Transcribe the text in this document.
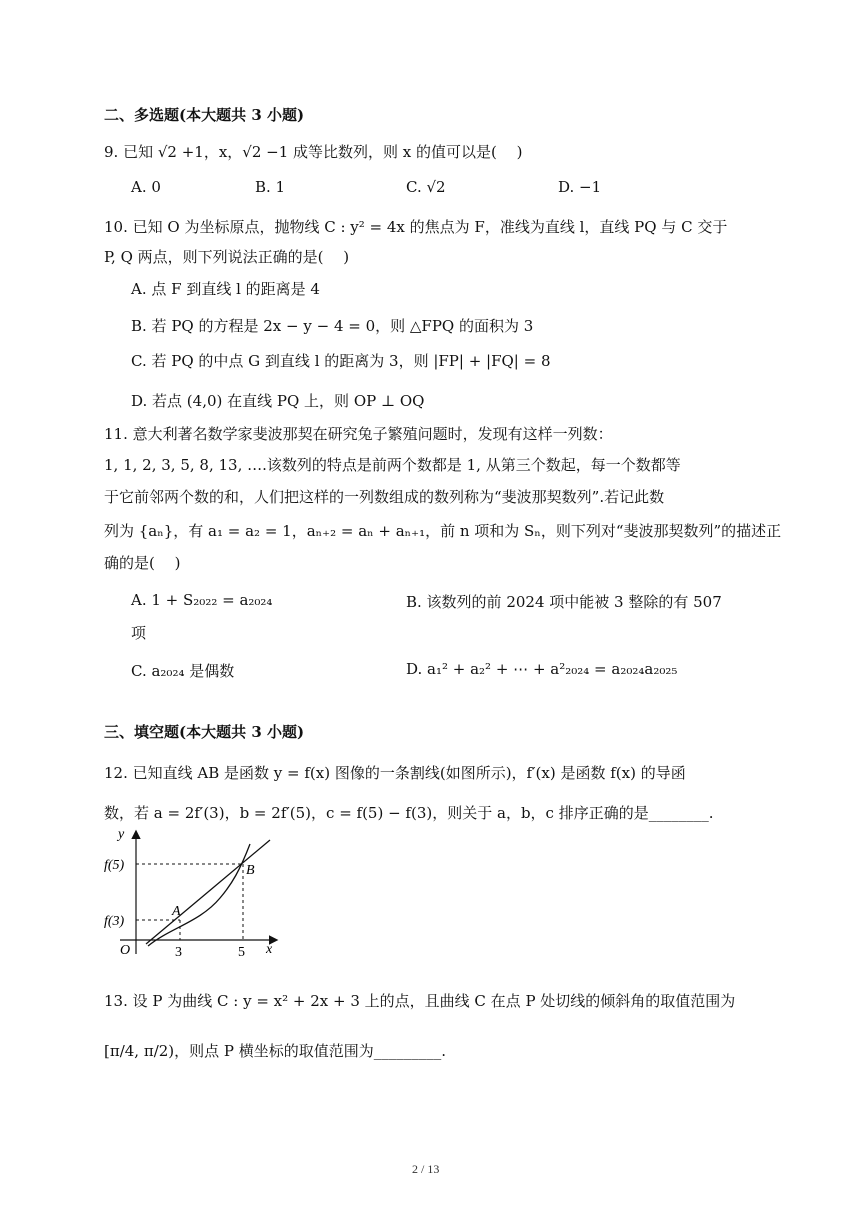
二、多选题(本大题共 3 小题)
9. 已知 √2 +1，x，√2 −1 成等比数列，则 x 的值可以是(　 )
A. 0	B. 1	C. √2	D. −1
10. 已知 O 为坐标原点，抛物线 C : y² = 4x 的焦点为 F，准线为直线 l，直线 PQ 与 C 交于
P, Q 两点，则下列说法正确的是(　 )
A. 点 F 到直线 l 的距离是 4
B. 若 PQ 的方程是 2x − y − 4 = 0，则 △FPQ 的面积为 3
C. 若 PQ 的中点 G 到直线 l 的距离为 3，则 |FP| + |FQ| = 8
D. 若点 (4,0) 在直线 PQ 上，则 OP ⊥ OQ
11. 意大利著名数学家斐波那契在研究兔子繁殖问题时，发现有这样一列数：
1, 1, 2, 3, 5, 8, 13, ….该数列的特点是前两个数都是 1, 从第三个数起，每一个数都等
于它前邻两个数的和，人们把这样的一列数组成的数列称为“斐波那契数列”.若记此数
列为 {aₙ}，有 a₁ = a₂ = 1，aₙ₊₂ = aₙ + aₙ₊₁，前 n 项和为 Sₙ，则下列对“斐波那契数列”的描述正
确的是(　 )
A. 1 + S₂₀₂₂ = a₂₀₂₄	B. 该数列的前 2024 项中能被 3 整除的有 507
项
C. a₂₀₂₄ 是偶数	D. a₁² + a₂² + ⋯ + a²₂₀₂₄ = a₂₀₂₄a₂₀₂₅
三、填空题(本大题共 3 小题)
12. 已知直线 AB 是函数 y = f(x) 图像的一条割线(如图所示)，f′(x) 是函数 f(x) 的导函
数，若 a = 2f′(3)，b = 2f′(5)，c = f(5) − f(3)，则关于 a，b，c 排序正确的是________.
y
x
O
f(5)
f(3)
3	5
A
B
13. 设 P 为曲线 C : y = x² + 2x + 3 上的点，且曲线 C 在点 P 处切线的倾斜角的取值范围为
[π/4, π/2)，则点 P 横坐标的取值范围为_________.
2 / 13
